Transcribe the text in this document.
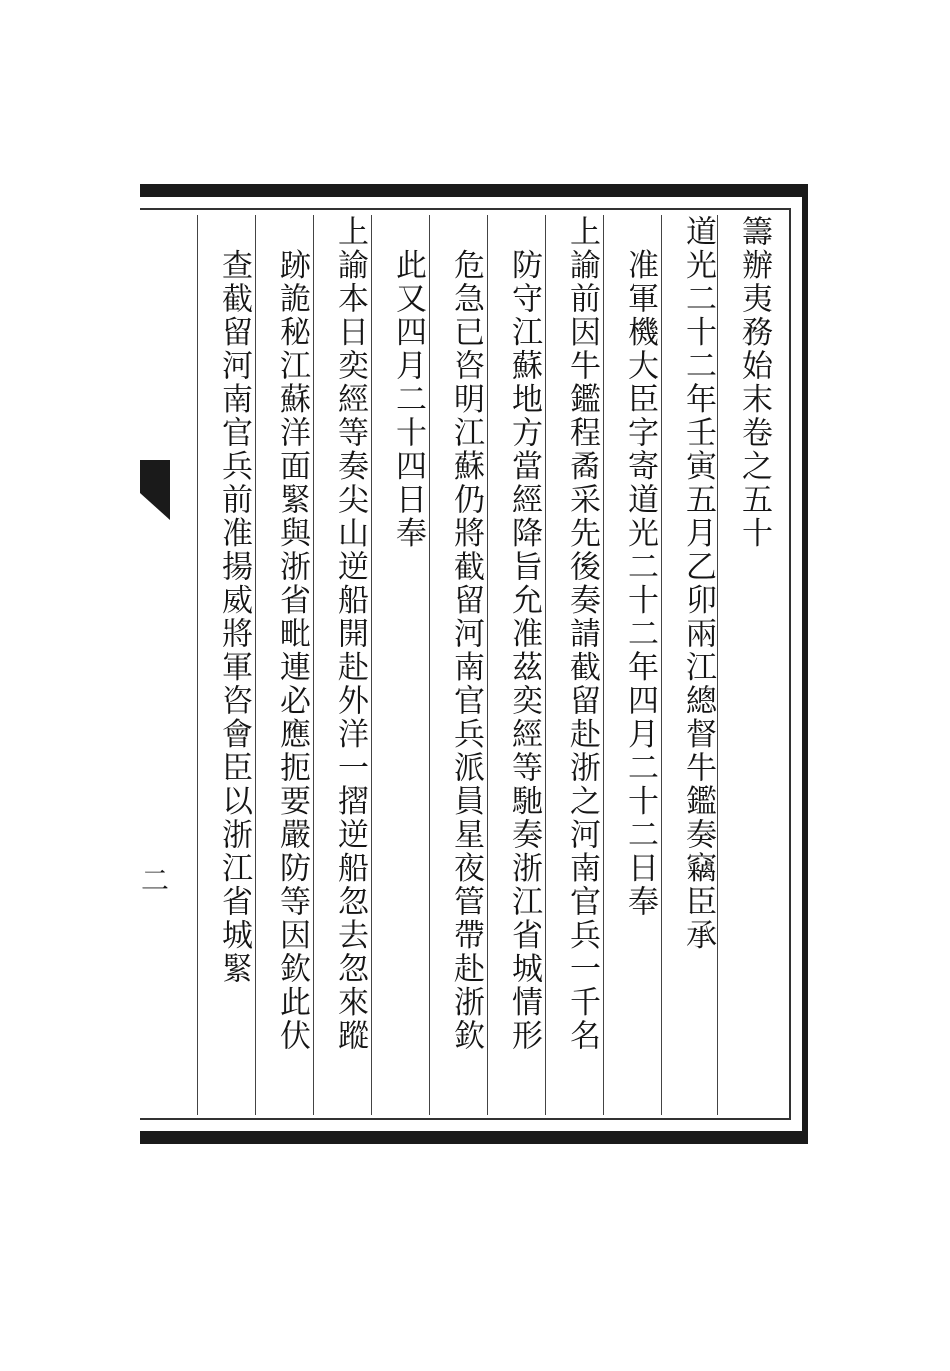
籌辦夷務始末卷之五十
道光二十二年壬寅五月乙卯兩江總督牛鑑奏竊臣承
　准軍機大臣字寄道光二十二年四月二十二日奉
上諭前因牛鑑程矞采先後奏請截留赴浙之河南官兵一千名
　防守江蘇地方當經降旨允准茲奕經等馳奏浙江省城情形
　危急已咨明江蘇仍將截留河南官兵派員星夜管帶赴浙欽
　此又四月二十四日奉
上諭本日奕經等奏尖山逆船開赴外洋一摺逆船忽去忽來蹤
　跡詭秘江蘇洋面緊與浙省毗連必應扼要嚴防等因欽此伏
　查截留河南官兵前准揚威將軍咨會臣以浙江省城緊
二
